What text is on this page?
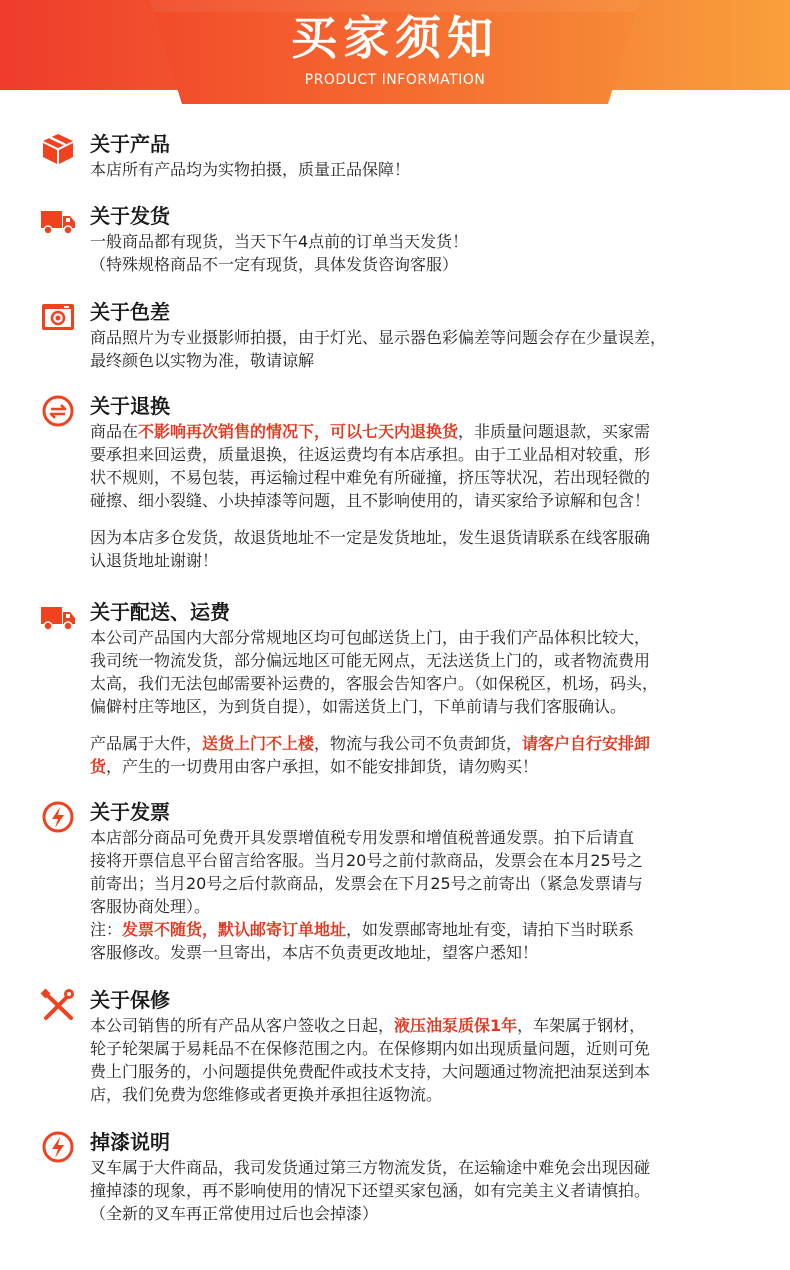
买家须知
PRODUCT INFORMATION
关于产品

本店所有产品均为实物拍摄，质量正品保障！

关于发货

一般商品都有现货，当天下午4点前的订单当天发货！

（特殊规格商品不一定有现货，具体发货咨询客服）

关于色差

商品照片为专业摄影师拍摄，由于灯光、显示器色彩偏差等问题会存在少量误差，

最终颜色以实物为准，敬请谅解

关于退换

商品在不影响再次销售的情况下，可以七天内退换货，非质量问题退款，买家需

要承担来回运费，质量退换，往返运费均有本店承担。由于工业品相对较重，形

状不规则，不易包装，再运输过程中难免有所碰撞，挤压等状况，若出现轻微的

碰擦、细小裂缝、小块掉漆等问题，且不影响使用的，请买家给予谅解和包含！

因为本店多仓发货，故退货地址不一定是发货地址，发生退货请联系在线客服确

认退货地址谢谢！

关于配送、运费

本公司产品国内大部分常规地区均可包邮送货上门，由于我们产品体积比较大，

我司统一物流发货，部分偏远地区可能无网点，无法送货上门的，或者物流费用

太高，我们无法包邮需要补运费的，客服会告知客户。（如保税区，机场，码头，

偏僻村庄等地区，为到货自提），如需送货上门，下单前请与我们客服确认。

产品属于大件，送货上门不上楼，物流与我公司不负责卸货，请客户自行安排卸

货，产生的一切费用由客户承担，如不能安排卸货，请勿购买！

关于发票

本店部分商品可免费开具发票增值税专用发票和增值税普通发票。拍下后请直

接将开票信息平台留言给客服。当月20号之前付款商品，发票会在本月25号之

前寄出；当月20号之后付款商品，发票会在下月25号之前寄出（紧急发票请与

客服协商处理）。

注：发票不随货，默认邮寄订单地址，如发票邮寄地址有变，请拍下当时联系

客服修改。发票一旦寄出，本店不负责更改地址，望客户悉知！

关于保修

本公司销售的所有产品从客户签收之日起，液压油泵质保1年，车架属于钢材，

轮子轮架属于易耗品不在保修范围之内。在保修期内如出现质量问题，近则可免

费上门服务的，小问题提供免费配件或技术支持，大问题通过物流把油泵送到本

店，我们免费为您维修或者更换并承担往返物流。

掉漆说明

叉车属于大件商品，我司发货通过第三方物流发货，在运输途中难免会出现因碰

撞掉漆的现象，再不影响使用的情况下还望买家包涵，如有完美主义者请慎拍。

（全新的叉车再正常使用过后也会掉漆）
